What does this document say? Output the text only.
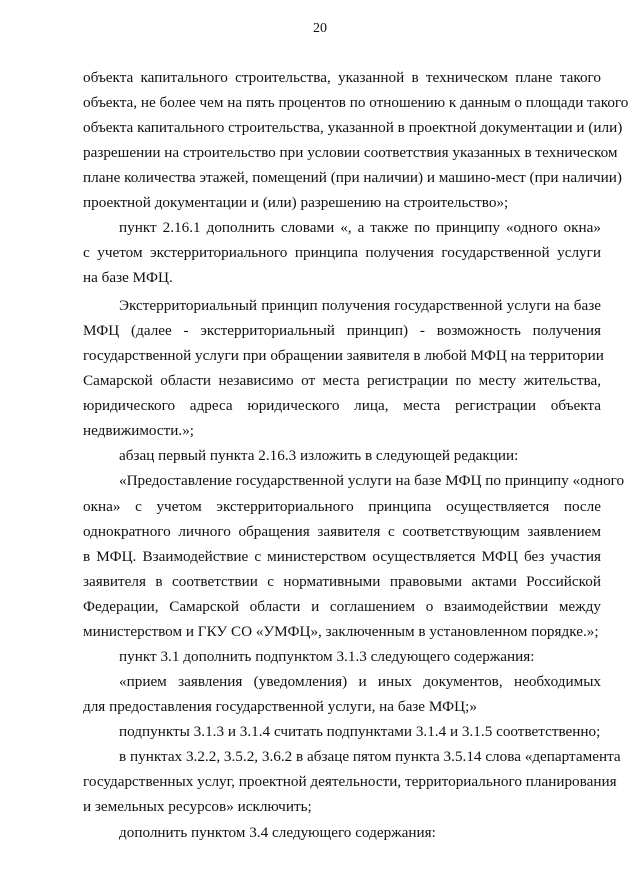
20
объекта капитального строительства, указанной в техническом плане такого
объекта, не более чем на пять процентов по отношению к данным о площади такого
объекта капитального строительства, указанной в проектной документации и (или)
разрешении на строительство при условии соответствия указанных в техническом
плане количества этажей, помещений (при наличии) и машино-мест (при наличии)
проектной документации и (или) разрешению на строительство»;
пункт 2.16.1 дополнить словами «, а также по принципу «одного окна»
с учетом экстерриториального принципа получения государственной услуги
на базе МФЦ.
Экстерриториальный принцип получения государственной услуги на базе
МФЦ (далее - экстерриториальный принцип) - возможность получения
государственной услуги при обращении заявителя в любой МФЦ на территории
Самарской области независимо от места регистрации по месту жительства,
юридического адреса юридического лица, места регистрации объекта
недвижимости.»;
абзац первый пункта 2.16.3 изложить в следующей редакции:
«Предоставление государственной услуги на базе МФЦ по принципу «одного
окна» с учетом экстерриториального принципа осуществляется после
однократного личного обращения заявителя с соответствующим заявлением
в МФЦ. Взаимодействие с министерством осуществляется МФЦ без участия
заявителя в соответствии с нормативными правовыми актами Российской
Федерации, Самарской области и соглашением о взаимодействии между
министерством и ГКУ СО «УМФЦ», заключенным в установленном порядке.»;
пункт 3.1 дополнить подпунктом 3.1.3 следующего содержания:
«прием заявления (уведомления) и иных документов, необходимых
для предоставления государственной услуги, на базе МФЦ;»
подпункты 3.1.3 и 3.1.4 считать подпунктами 3.1.4 и 3.1.5 соответственно;
в пунктах 3.2.2, 3.5.2, 3.6.2 в абзаце пятом пункта 3.5.14 слова «департамента
государственных услуг, проектной деятельности, территориального планирования
и земельных ресурсов» исключить;
дополнить пунктом 3.4 следующего содержания:
